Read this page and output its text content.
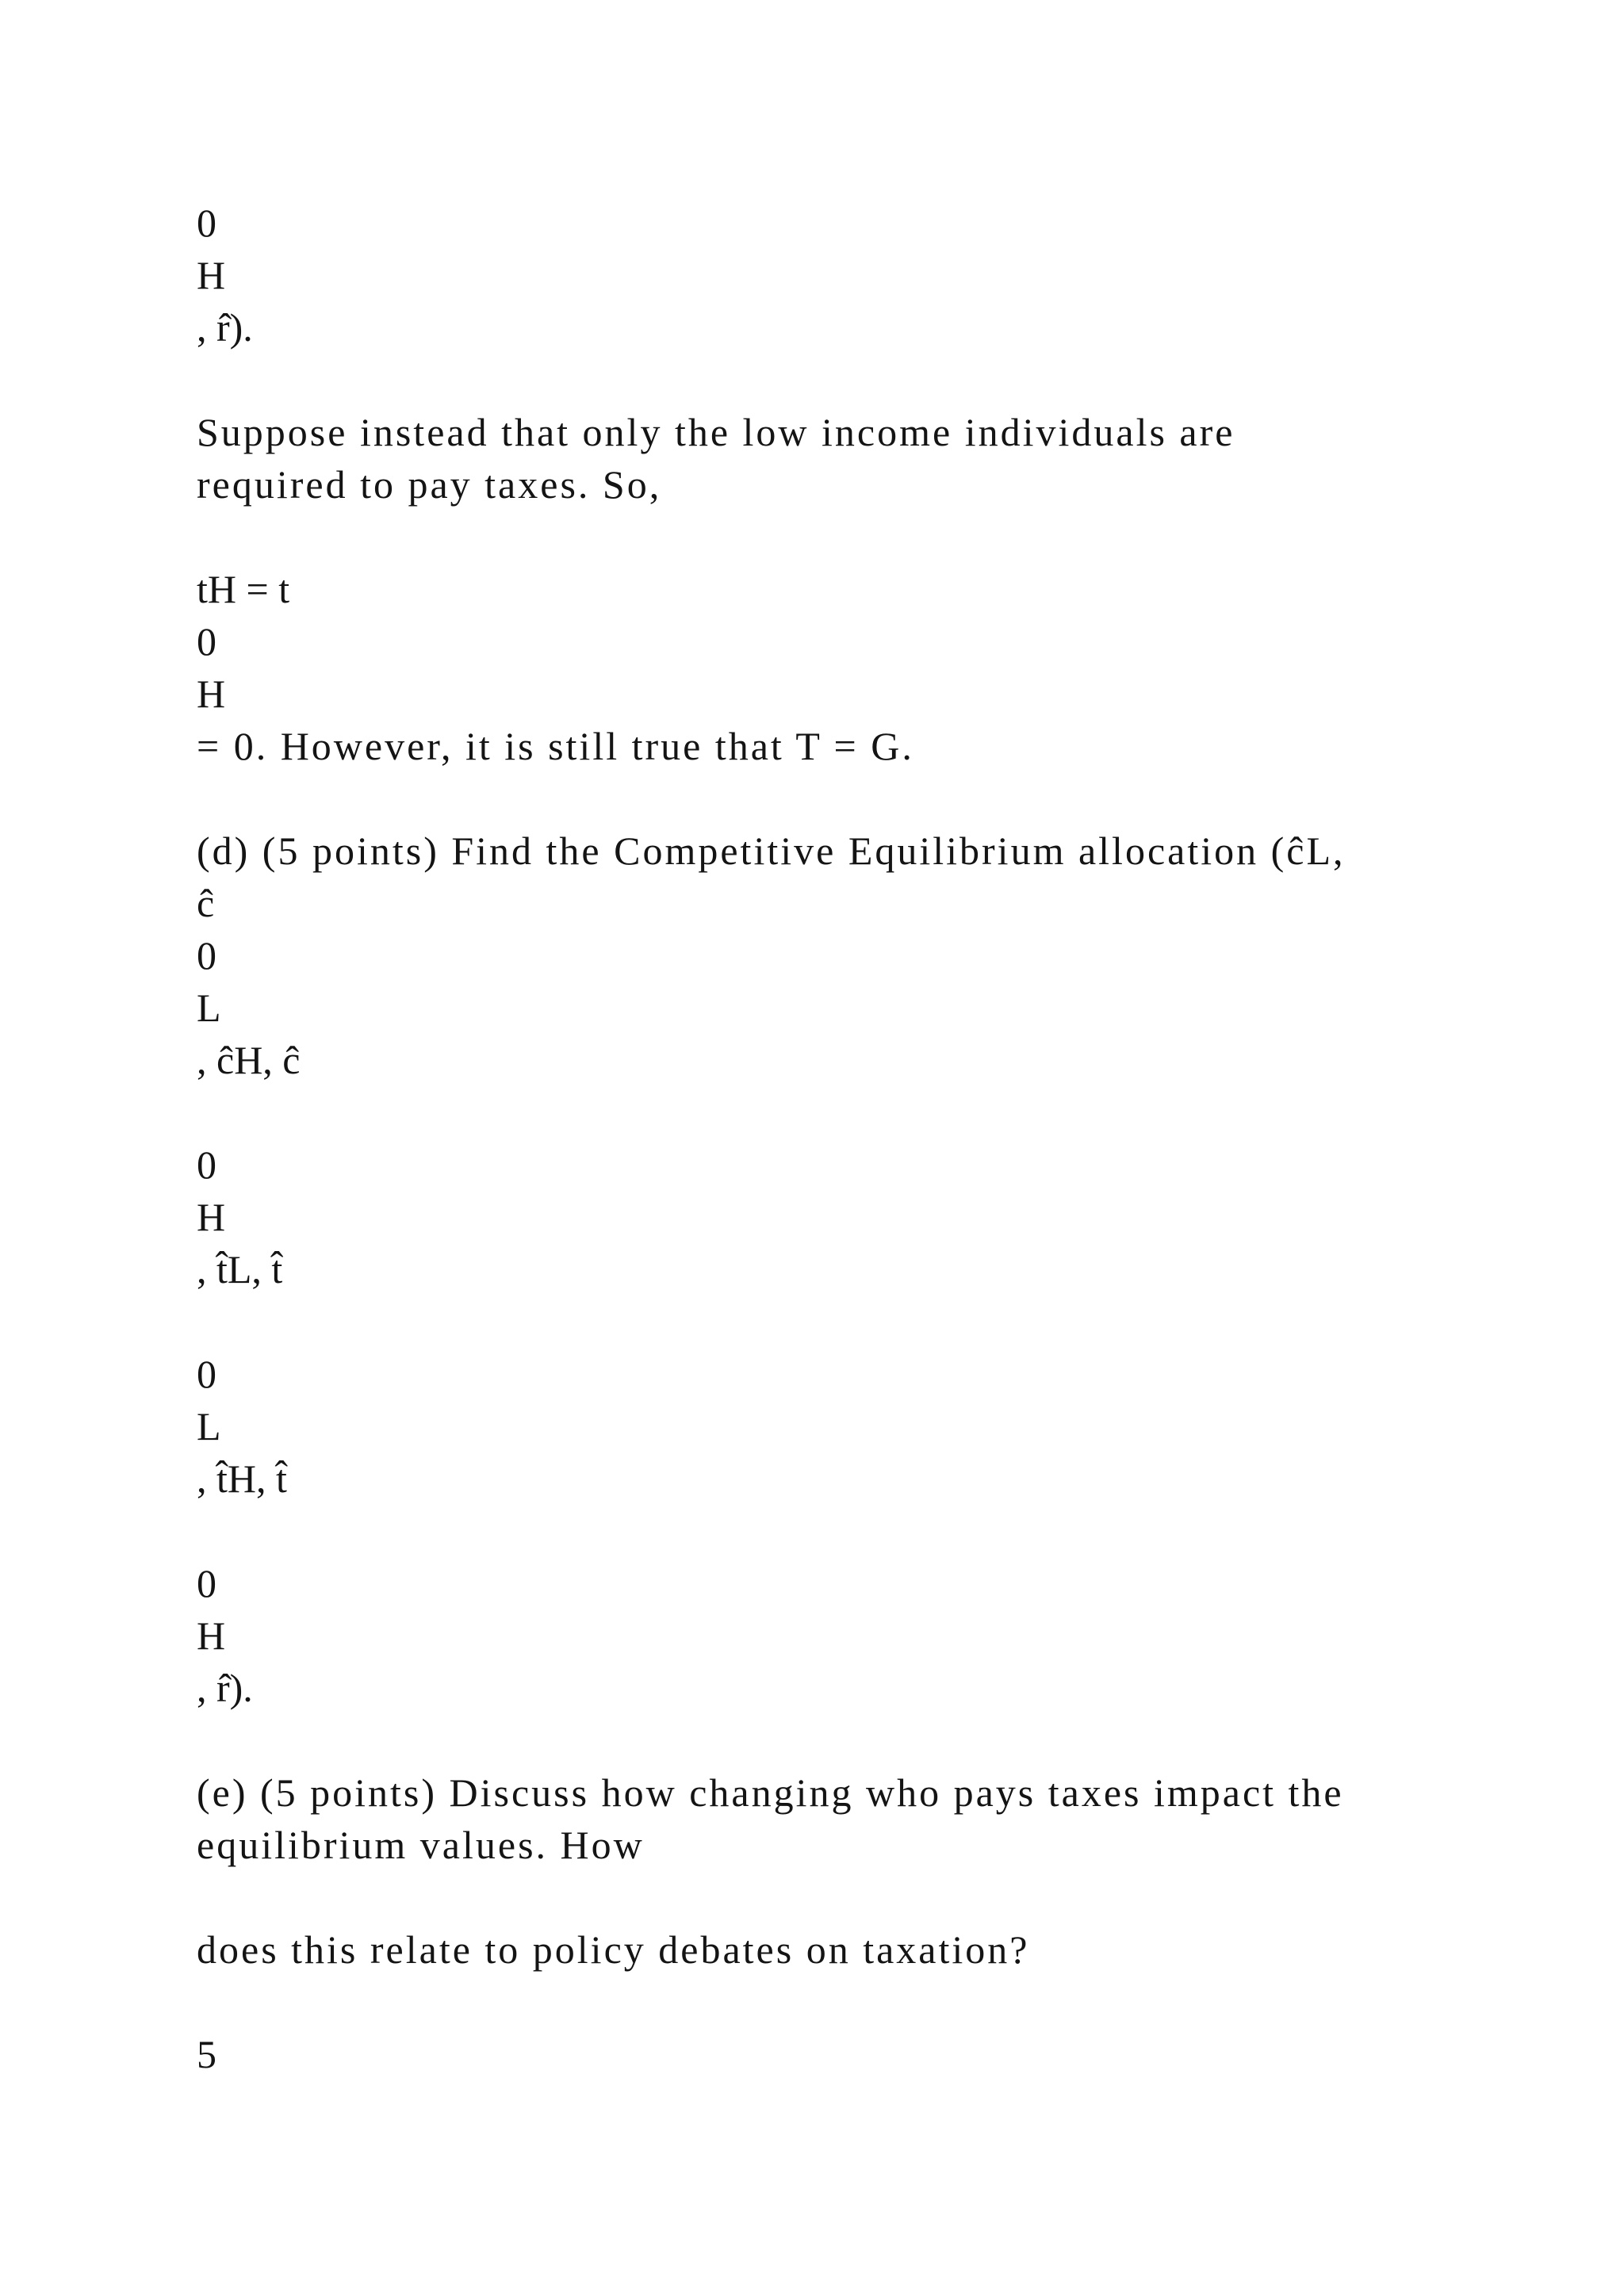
0

H

, r̂).

Suppose instead that only the low income individuals are

required to pay taxes. So,

tH = t

0

H

= 0. However, it is still true that T = G.

(d) (5 points) Find the Competitive Equilibrium allocation (ĉL,

ĉ

0

L

, ĉH, ĉ

0

H

, t̂L, t̂

0

L

, t̂H, t̂

0

H

, r̂).

(e) (5 points) Discuss how changing who pays taxes impact the

equilibrium values. How

does this relate to policy debates on taxation?

5
